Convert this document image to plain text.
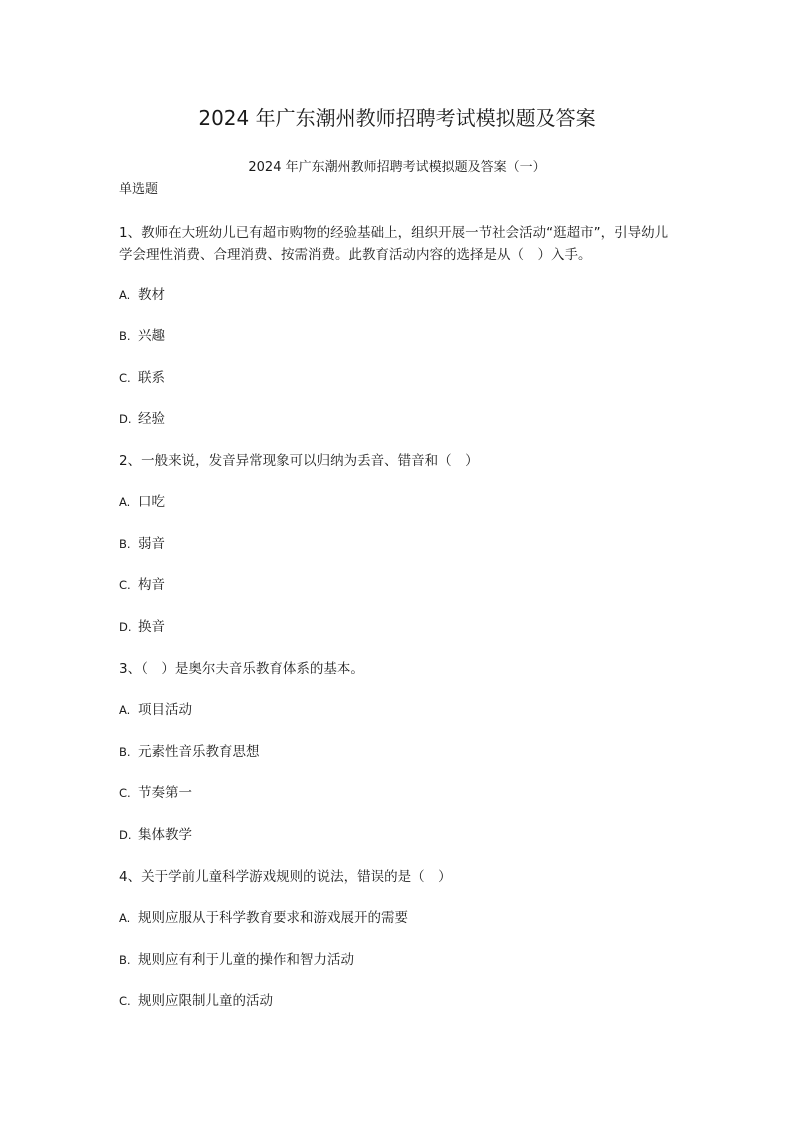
2024 年广东潮州教师招聘考试模拟题及答案
2024 年广东潮州教师招聘考试模拟题及答案（一）
单选题
1、教师在大班幼儿已有超市购物的经验基础上，组织开展一节社会活动“逛超市”，引导幼儿学会理性消费、合理消费、按需消费。此教育活动内容的选择是从（　）入手。
A. 教材
B. 兴趣
C. 联系
D. 经验
2、一般来说，发音异常现象可以归纳为丢音、错音和（　）
A. 口吃
B. 弱音
C. 构音
D. 换音
3、（　）是奥尔夫音乐教育体系的基本。
A. 项目活动
B. 元素性音乐教育思想
C. 节奏第一
D. 集体教学
4、关于学前儿童科学游戏规则的说法，错误的是（　）
A. 规则应服从于科学教育要求和游戏展开的需要
B. 规则应有利于儿童的操作和智力活动
C. 规则应限制儿童的活动
